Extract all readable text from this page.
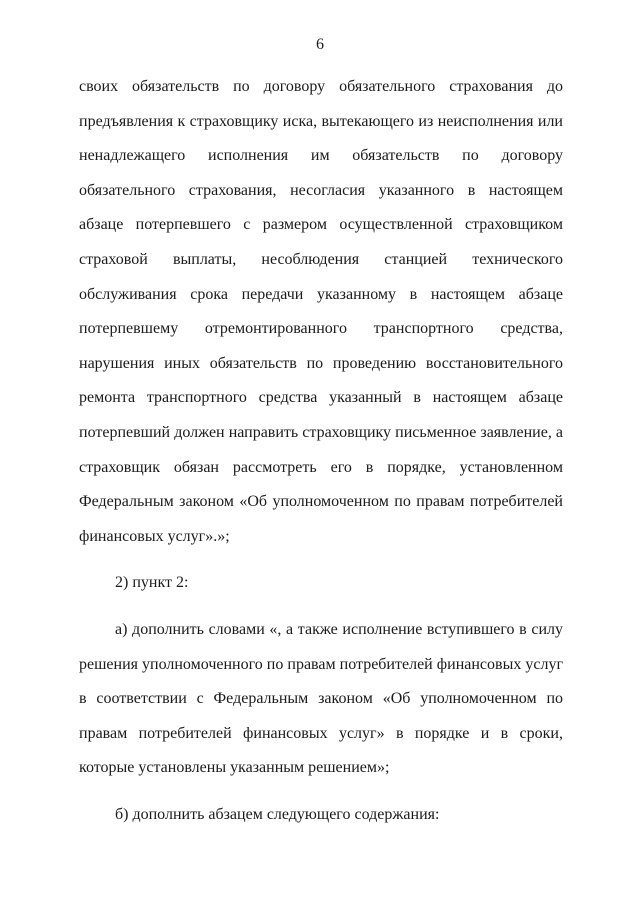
6

своих обязательств по договору обязательного страхования до предъявления к страховщику иска, вытекающего из неисполнения или ненадлежащего исполнения им обязательств по договору обязательного страхования, несогласия указанного в настоящем абзаце потерпевшего с размером осуществленной страховщиком страховой выплаты, несоблюдения станцией технического обслуживания срока передачи указанному в настоящем абзаце потерпевшему отремонтированного транспортного средства, нарушения иных обязательств по проведению восстановительного ремонта транспортного средства указанный в настоящем абзаце потерпевший должен направить страховщику письменное заявление, а страховщик обязан рассмотреть его в порядке, установленном Федеральным законом «Об уполномоченном по правам потребителей финансовых услуг».»;

2) пункт 2:

а) дополнить словами «, а также исполнение вступившего в силу решения уполномоченного по правам потребителей финансовых услуг в соответствии с Федеральным законом «Об уполномоченном по правам потребителей финансовых услуг» в порядке и в сроки, которые установлены указанным решением»;

б) дополнить абзацем следующего содержания:
